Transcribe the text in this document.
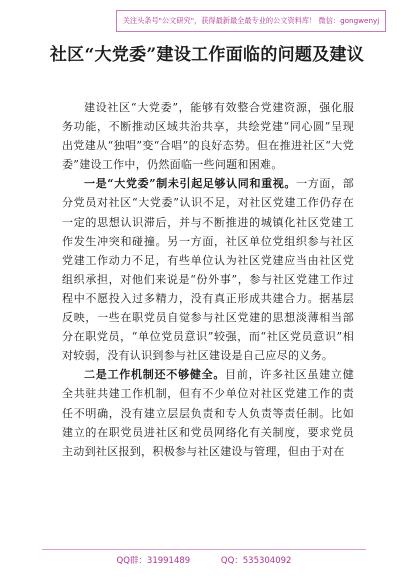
关注头条号"公文研究"，获得最新最全最专业的公文资料库！ 微信：gongwenyj
社区“大党委”建设工作面临的问题及建议

建设社区“大党委”，能够有效整合党建资源，强化服务功能，不断推动区域共治共享，共绘党建“同心圆”呈现出党建从“独唱”变“合唱”的良好态势。但在推进社区“大党委”建设工作中，仍然面临一些问题和困难。

一是“大党委”制未引起足够认同和重视。一方面，部分党员对社区“大党委”认识不足，对社区党建工作仍存在一定的思想认识滞后，并与不断推进的城镇化社区党建工作发生冲突和碰撞。另一方面，社区单位党组织参与社区党建工作动力不足，有些单位认为社区党建应当由社区党组织承担，对他们来说是“份外事”，参与社区党建工作过程中不愿投入过多精力，没有真正形成共建合力。据基层反映，一些在职党员自觉参与社区党建的思想淡薄相当部分在职党员，“单位党员意识”较强，而“社区党员意识”相对较弱，没有认识到参与社区建设是自己应尽的义务。

二是工作机制还不够健全。目前，许多社区虽建立健全共驻共建工作机制，但有不少单位对社区党建工作的责任不明确，没有建立层层负责和专人负责等责任制。比如建立的在职党员进社区和党员网络化有关制度，要求党员主动到社区报到，积极参与社区建设与管理，但由于对在

QQ群：31991489	QQ：535304092
